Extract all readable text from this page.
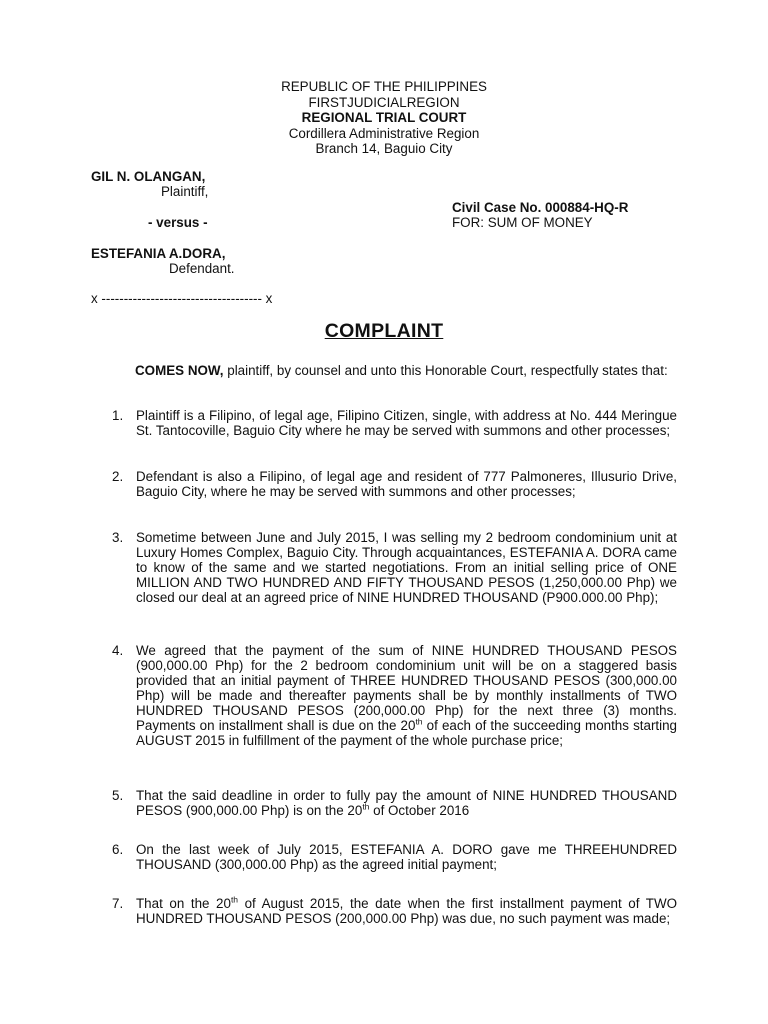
REPUBLIC OF THE PHILIPPINES
FIRSTJUDICIALREGION
REGIONAL TRIAL COURT
Cordillera Administrative Region
Branch 14, Baguio City
GIL N. OLANGAN,
Plaintiff,
Civil Case No. 000884-HQ-R
- versus -	FOR: SUM OF MONEY
ESTEFANIA A.DORA,
Defendant.
x ------------------------------------ x
COMPLAINT
COMES NOW, plaintiff, by counsel and unto this Honorable Court, respectfully states that:
1. Plaintiff is a Filipino, of legal age, Filipino Citizen, single, with address at No. 444 Meringue St. Tantocoville, Baguio City where he may be served with summons and other processes;
2. Defendant is also a Filipino, of legal age and resident of 777 Palmoneres, Illusurio Drive, Baguio City, where he may be served with summons and other processes;
3. Sometime between June and July 2015, I was selling my 2 bedroom condominium unit at Luxury Homes Complex, Baguio City. Through acquaintances, ESTEFANIA A. DORA came to know of the same and we started negotiations. From an initial selling price of ONE MILLION AND TWO HUNDRED AND FIFTY THOUSAND PESOS (1,250,000.00 Php) we closed our deal at an agreed price of NINE HUNDRED THOUSAND (P900.000.00 Php);
4. We agreed that the payment of the sum of NINE HUNDRED THOUSAND PESOS (900,000.00 Php) for the 2 bedroom condominium unit will be on a staggered basis provided that an initial payment of THREE HUNDRED THOUSAND PESOS (300,000.00 Php) will be made and thereafter payments shall be by monthly installments of TWO HUNDRED THOUSAND PESOS (200,000.00 Php) for the next three (3) months. Payments on installment shall is due on the 20th of each of the succeeding months starting AUGUST 2015 in fulfillment of the payment of the whole purchase price;
5. That the said deadline in order to fully pay the amount of NINE HUNDRED THOUSAND PESOS (900,000.00 Php) is on the 20th of October 2016
6. On the last week of July 2015, ESTEFANIA A. DORO gave me THREEHUNDRED THOUSAND (300,000.00 Php) as the agreed initial payment;
7. That on the 20th of August 2015, the date when the first installment payment of TWO HUNDRED THOUSAND PESOS (200,000.00 Php) was due, no such payment was made;
